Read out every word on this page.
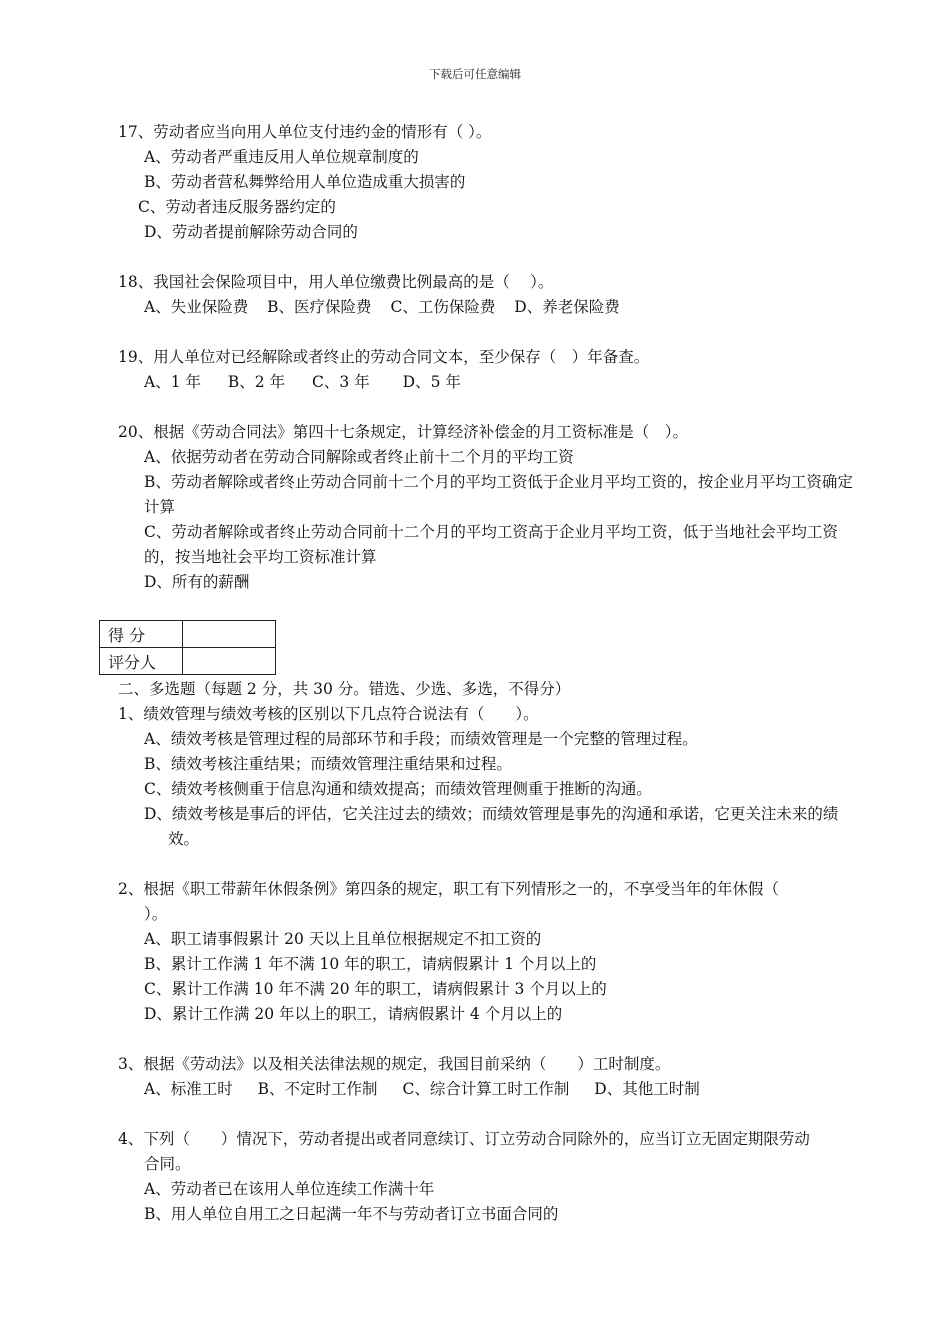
下载后可任意编辑
17、劳动者应当向用人单位支付违约金的情形有（ ）。
A、劳动者严重违反用人单位规章制度的
B、劳动者营私舞弊给用人单位造成重大损害的
C、劳动者违反服务器约定的
D、劳动者提前解除劳动合同的
18、我国社会保险项目中，用人单位缴费比例最高的是（　 ）。
A、失业保险费 B、医疗保险费 C、工伤保险费 D、养老保险费
19、用人单位对已经解除或者终止的劳动合同文本，至少保存（　）年备查。
A、1 年 B、2 年 C、3 年 D、5 年
20、根据《劳动合同法》第四十七条规定，计算经济补偿金的月工资标准是（　）。
A、依据劳动者在劳动合同解除或者终止前十二个月的平均工资
B、劳动者解除或者终止劳动合同前十二个月的平均工资低于企业月平均工资的，按企业月平均工资确定计算
C、劳动者解除或者终止劳动合同前十二个月的平均工资高于企业月平均工资，低于当地社会平均工资的，按当地社会平均工资标准计算
D、所有的薪酬
得 分	
评分人	
二、多选题（每题 2 分，共 30 分。错选、少选、多选，不得分）
1、绩效管理与绩效考核的区别以下几点符合说法有（　　）。
A、绩效考核是管理过程的局部环节和手段；而绩效管理是一个完整的管理过程。
B、绩效考核注重结果；而绩效管理注重结果和过程。
C、绩效考核侧重于信息沟通和绩效提高；而绩效管理侧重于推断的沟通。
D、绩效考核是事后的评估，它关注过去的绩效；而绩效管理是事先的沟通和承诺，它更关注未来的绩效。
2、根据《职工带薪年休假条例》第四条的规定，职工有下列情形之一的，不享受当年的年休假（
）。
A、职工请事假累计 20 天以上且单位根据规定不扣工资的
B、累计工作满 1 年不满 10 年的职工，请病假累计 1 个月以上的
C、累计工作满 10 年不满 20 年的职工，请病假累计 3 个月以上的
D、累计工作满 20 年以上的职工，请病假累计 4 个月以上的
3、根据《劳动法》以及相关法律法规的规定，我国目前采纳（　　）工时制度。
A、标准工时 B、不定时工作制 C、综合计算工时工作制 D、其他工时制
4、下列（　　）情况下，劳动者提出或者同意续订、订立劳动合同除外的，应当订立无固定期限劳动
合同。
A、劳动者已在该用人单位连续工作满十年
B、用人单位自用工之日起满一年不与劳动者订立书面合同的
